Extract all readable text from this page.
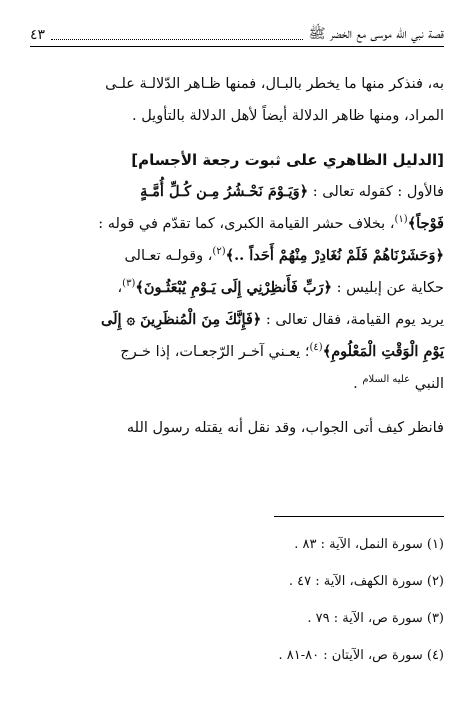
قصة نبي الله موسى مع الخضر ﷺ
٤٣

به، فنذكر منها ما يخطر بالبـال، فمنها ظـاهر الدّلالـة علـى

المراد، ومنها ظاهر الدلالة أيضاً لأهل الدلالة بالتأويل .

[الدليل الظاهري على ثبوت رجعة الأجسام]

فالأول : كقوله تعالى : ﴿وَيَـوْمَ نَحْـشُرُ مِـن كُـلِّ أُمَّـةٍ

فَوْجاً﴾$^{(١)}$، بخلاف حشر القيامة الكبرى، كما تقدّم في قوله :

﴿وَحَشَرْنَاهُمْ فَلَمْ نُغَادِرْ مِنْهُمْ أَحَداً ..﴾$^{(٢)}$، وقولـه تعـالى

حكاية عن إبليس : ﴿رَبِّ فَأَنظِرْنِي إِلَى يَـوْمِ يُبْعَثُـونَ﴾$^{(٣)}$،

يريد يوم القيامة، فقال تعالى : ﴿فَإِنَّكَ مِنَ الْمُنظَرِينَ ۞ إِلَى

يَوْمِ الْوَقْتِ الْمَعْلُومِ﴾$^{(٤)}$؛ يعـني آخـر الرّجعـات، إذا خـرج

النبي $^{عليه السلام}$ .

فانظر كيف أتى الجواب، وقد نقل أنه يقتله رسول الله

(١) سورة النمل، الآية : ٨٣ .
(٢) سورة الكهف، الآية : ٤٧ .
(٣) سورة ص، الآية : ٧٩ .
(٤) سورة ص، الآيتان : ٨٠-٨١ .
